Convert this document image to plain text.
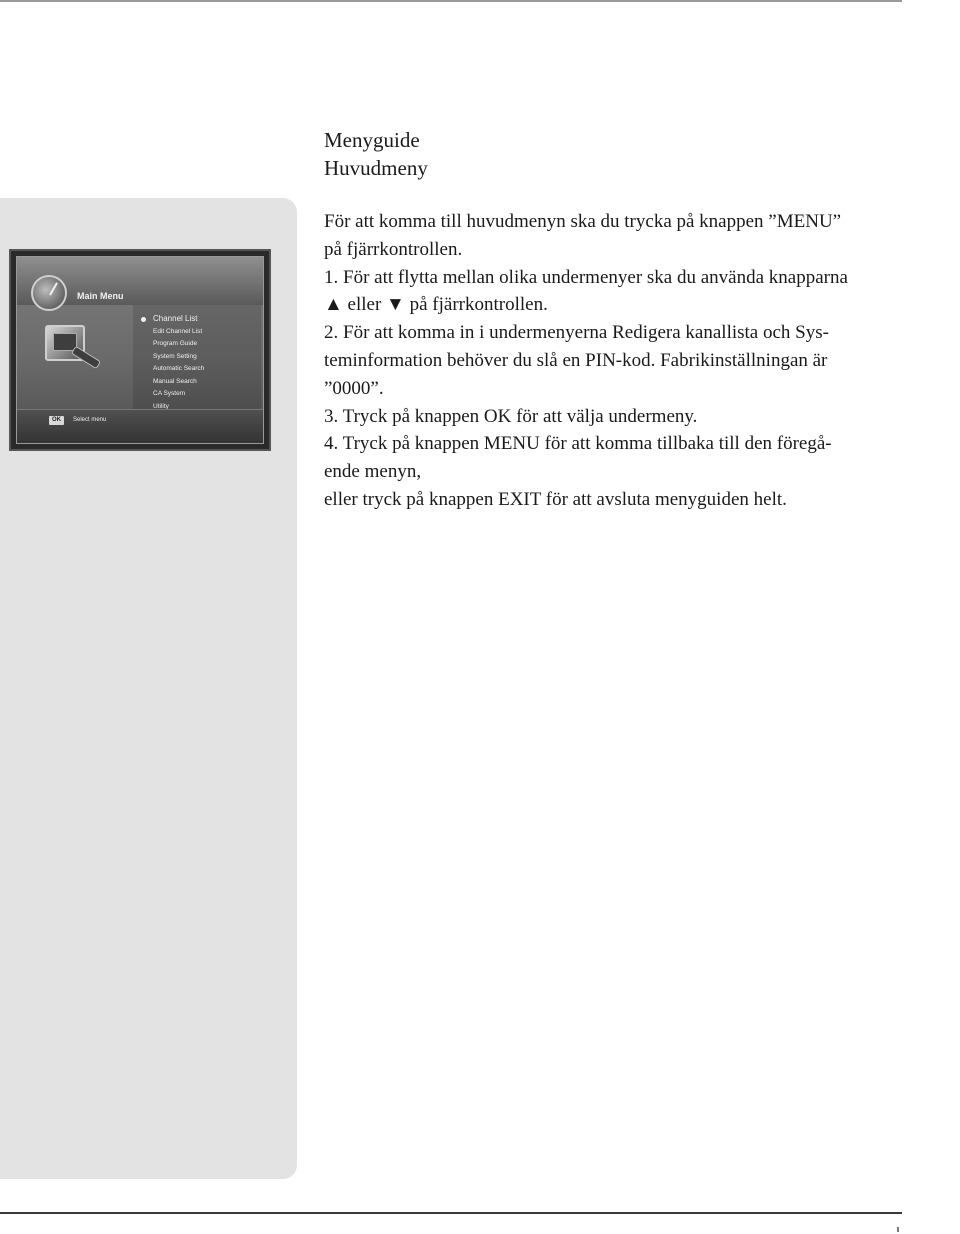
Main Menu
Channel List
Edit Channel List
Program Guide
System Setting
Automatic Search
Manual Search
CA System
Utility
OK	Select menu
Menyguide
Huvudmeny

För att komma till huvudmenyn ska du trycka på knappen ”MENU”

på fjärrkontrollen.

1. För att flytta mellan olika undermenyer ska du använda knapparna

▲ eller ▼ på fjärrkontrollen.

2. För att komma in i undermenyerna Redigera kanallista och Sys-

teminformation behöver du slå en PIN-kod. Fabrikinställningan är

”0000”.

3. Tryck på knappen OK för att välja undermeny.

4. Tryck på knappen MENU för att komma tillbaka till den föregå-

ende menyn,

eller tryck på knappen EXIT för att avsluta menyguiden helt.
